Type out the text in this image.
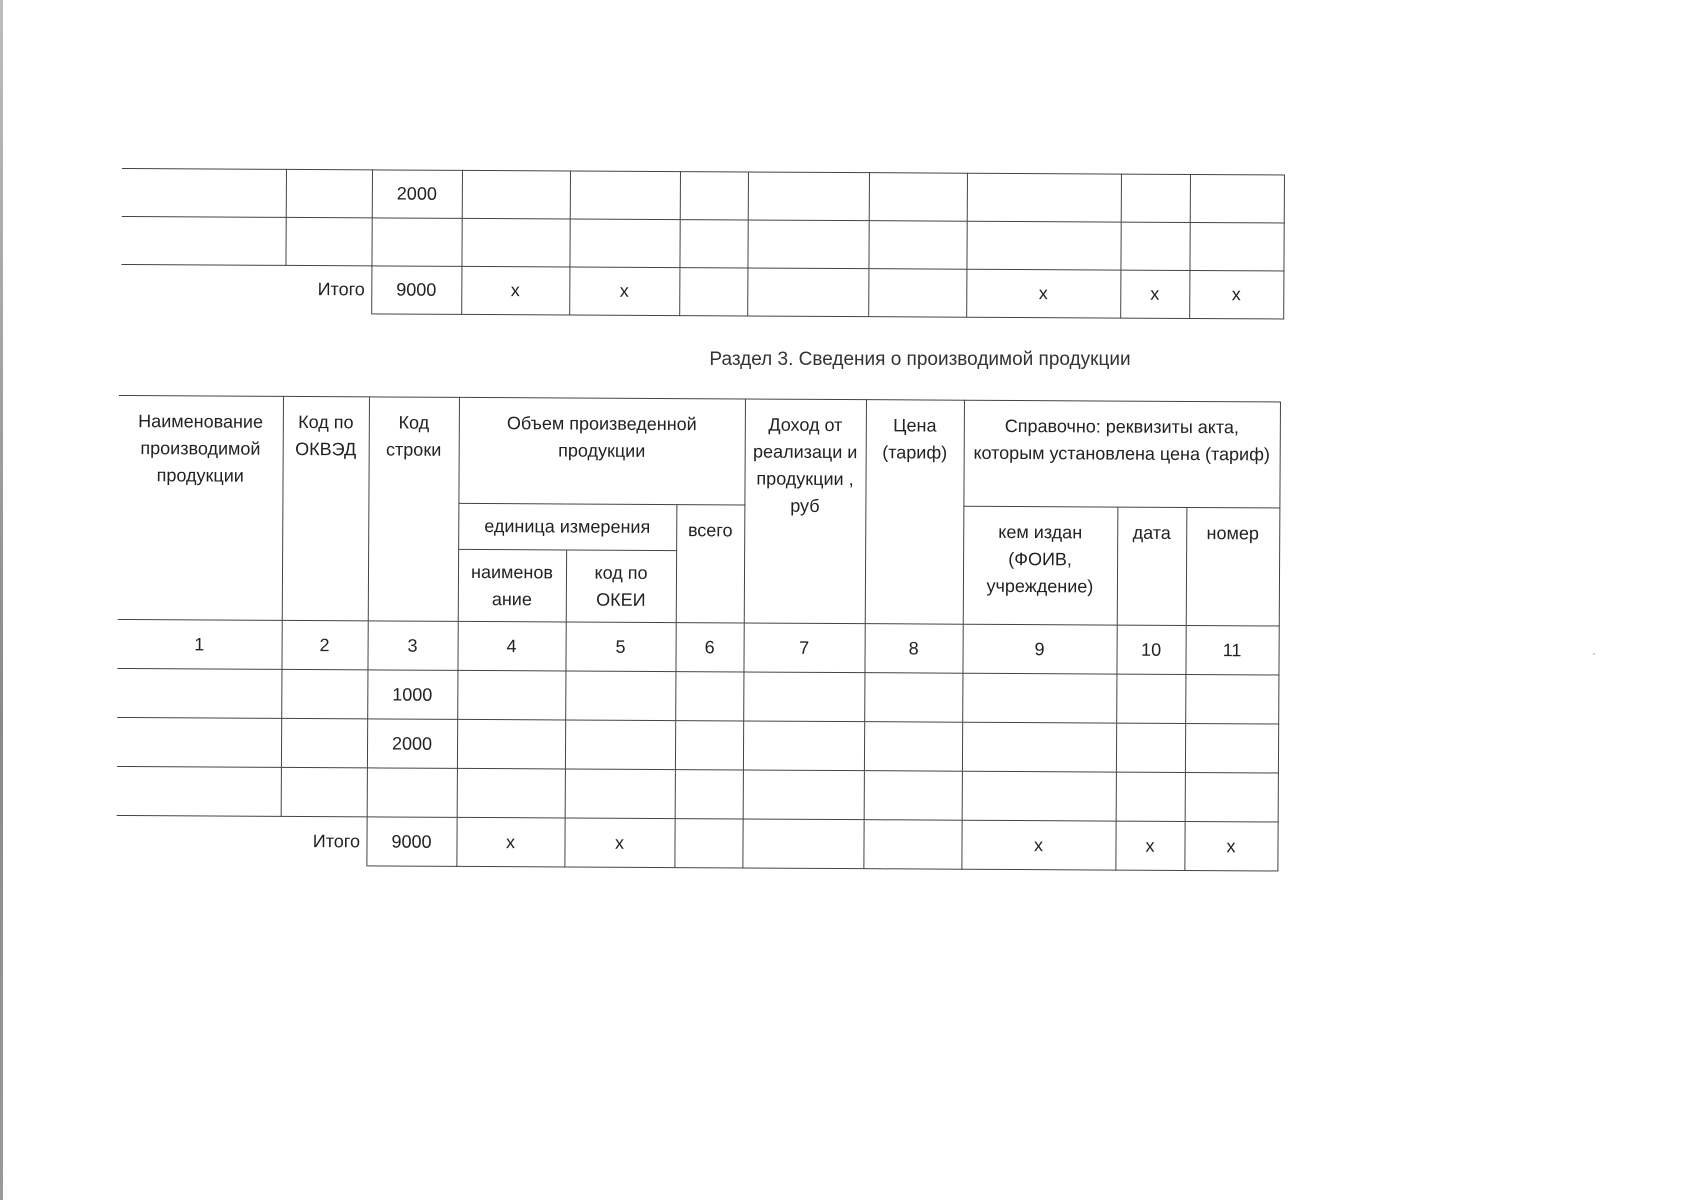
		2000								

Итого		9000	x	x				x	x	x
Раздел 3. Сведения о производимой продукции
Наименование производимой продукции	Код по ОКВЭД	Код строки	Объем произведенной продукции			Доход от реализаци и продукции , руб	Цена (тариф)	Справочно: реквизиты акта, которым установлена цена (тариф)		
			единица измерения		всего			кем издан (ФОИВ, учреждение)	дата	номер
			наименов ание	код по ОКЕИ						
1	2	3	4	5	6	7	8	9	10	11
		1000								
		2000								

Итого		9000	x	x				x	x	x
